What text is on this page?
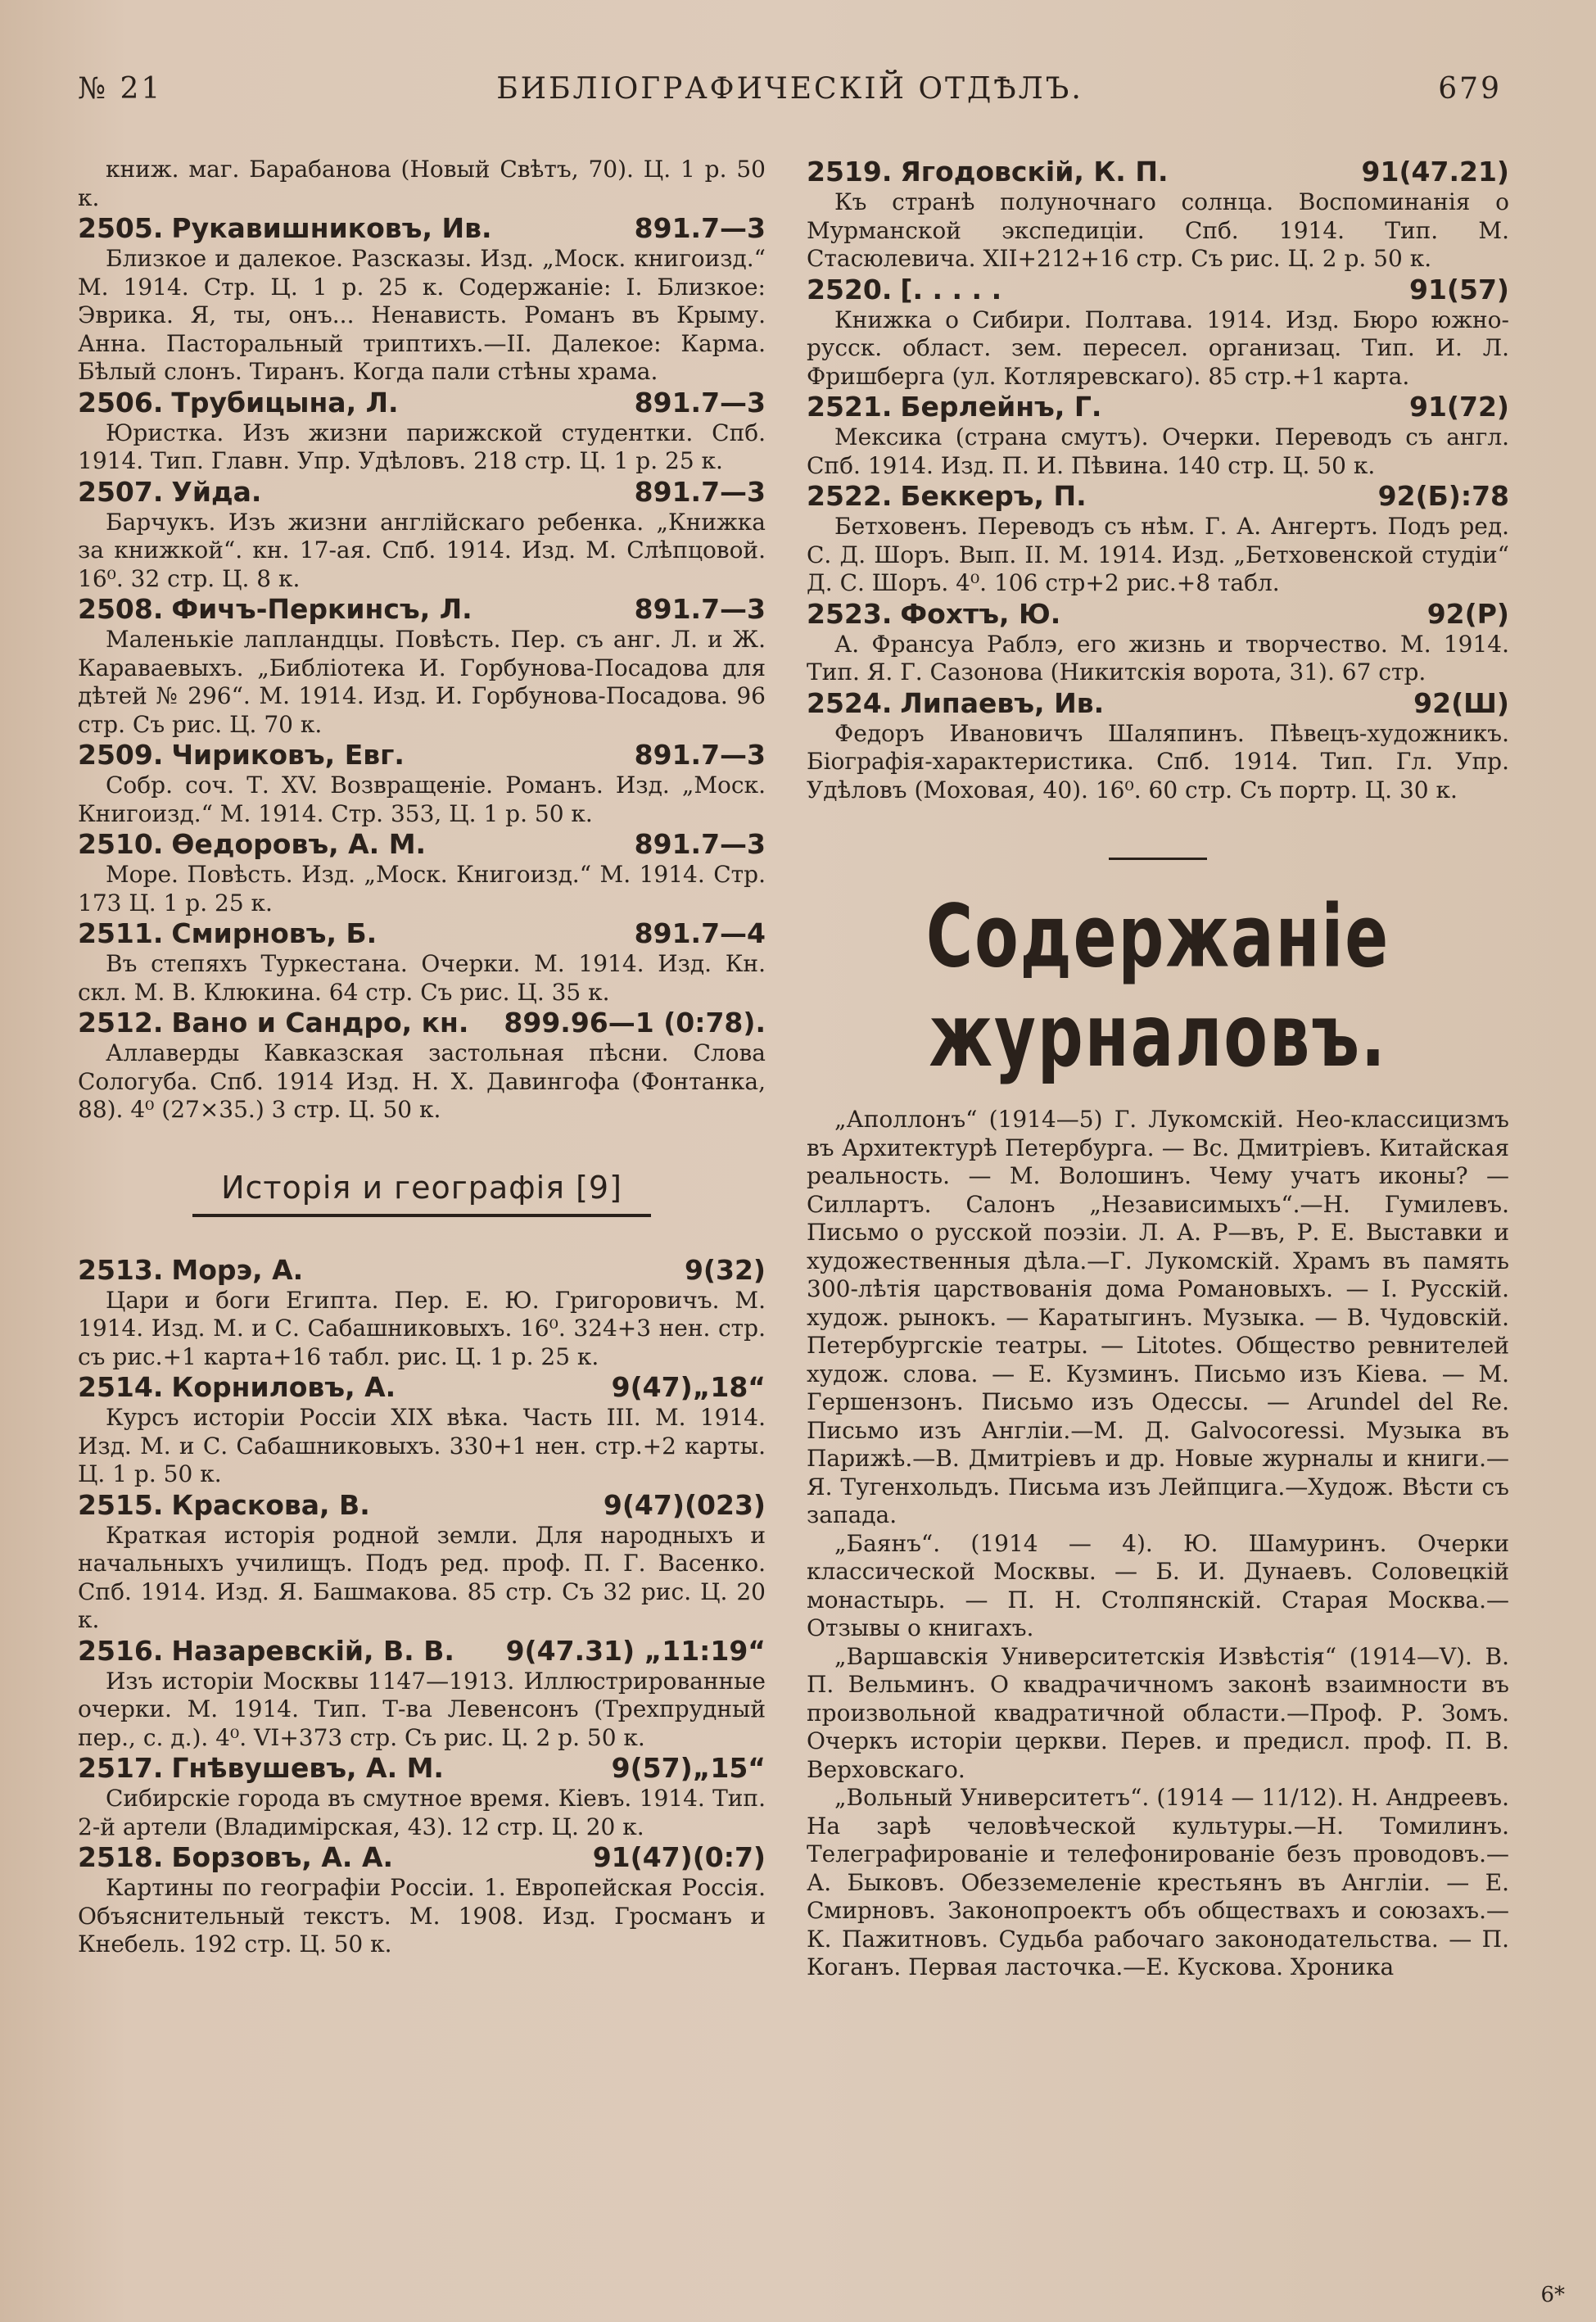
№ 21	БИБЛІОГРАФИЧЕСКІЙ ОТДѢЛЪ.	679

книж. маг. Барабанова (Новый Свѣтъ, 70). Ц. 1 р. 50 к.

2505. Рукавишниковъ, Ив.	891.7—3

Близкое и далекое. Разсказы. Изд. „Моск. книгоизд.“ М. 1914. Стр. Ц. 1 р. 25 к. Содержаніе: I. Близкое: Эврика. Я, ты, онъ... Ненависть. Романъ въ Крыму. Анна. Пасторальный триптихъ.—II. Далекое: Карма. Бѣлый слонъ. Тиранъ. Когда пали стѣны храма.

2506. Трубицына, Л.	891.7—3

Юристка. Изъ жизни парижской студентки. Спб. 1914. Тип. Главн. Упр. Удѣловъ. 218 стр. Ц. 1 р. 25 к.

2507. Уйда.	891.7—3

Барчукъ. Изъ жизни англійскаго ребенка. „Книжка за книжкой“. кн. 17-ая. Спб. 1914. Изд. М. Слѣпцовой. 16⁰. 32 стр. Ц. 8 к.

2508. Фичъ-Перкинсъ, Л.	891.7—3

Маленькіе лапландцы. Повѣсть. Пер. съ анг. Л. и Ж. Караваевыхъ. „Библіотека И. Горбунова-Посадова для дѣтей № 296“. М. 1914. Изд. И. Горбунова-Посадова. 96 стр. Съ рис. Ц. 70 к.

2509. Чириковъ, Евг.	891.7—3

Собр. соч. Т. XV. Возвращеніе. Романъ. Изд. „Моск. Книгоизд.“ М. 1914. Стр. 353, Ц. 1 р. 50 к.

2510. Ѳедоровъ, А. М.	891.7—3

Море. Повѣсть. Изд. „Моск. Книгоизд.“ М. 1914. Стр. 173 Ц. 1 р. 25 к.

2511. Смирновъ, Б.	891.7—4

Въ степяхъ Туркестана. Очерки. М. 1914. Изд. Кн. скл. М. В. Клюкина. 64 стр. Съ рис. Ц. 35 к.

2512. Вано и Сандро, кн. 899.96—1 (0:78).

Аллаверды Кавказская застольная пѣсни. Слова Сологуба. Спб. 1914 Изд. Н. Х. Давингофа (Фонтанка, 88). 4⁰ (27×35.) 3 стр. Ц. 50 к.

Исторія и географія [9]
2513. Морэ, А.	9(32)

Цари и боги Египта. Пер. Е. Ю. Григоровичъ. М. 1914. Изд. М. и С. Сабашниковыхъ. 16⁰. 324+3 нен. стр. съ рис.+1 карта+16 табл. рис. Ц. 1 р. 25 к.

2514. Корниловъ, А.	9(47)„18“

Курсъ исторіи Россіи XIX вѣка. Часть III. М. 1914. Изд. М. и С. Сабашниковыхъ. 330+1 нен. стр.+2 карты. Ц. 1 р. 50 к.

2515. Краскова, В.	9(47)(023)

Краткая исторія родной земли. Для народныхъ и начальныхъ училищъ. Подъ ред. проф. П. Г. Васенко. Спб. 1914. Изд. Я. Башмакова. 85 стр. Съ 32 рис. Ц. 20 к.

2516. Назаревскій, В. В. 9(47.31) „11:19“

Изъ исторіи Москвы 1147—1913. Иллюстрированные очерки. М. 1914. Тип. Т-ва Левенсонъ (Трехпрудный пер., с. д.). 4⁰. VI+373 стр. Съ рис. Ц. 2 р. 50 к.

2517. Гнѣвушевъ, А. М.	9(57)„15“

Сибирскіе города въ смутное время. Кіевъ. 1914. Тип. 2-й артели (Владимірская, 43). 12 стр. Ц. 20 к.

2518. Борзовъ, А. А.	91(47)(0:7)

Картины по географіи Россіи. 1. Европейская Россія. Объяснительный текстъ. М. 1908. Изд. Гросманъ и Кнебель. 192 стр. Ц. 50 к.

2519. Ягодовскій, К. П.	91(47.21)

Къ странѣ полуночнаго солнца. Воспоминанія о Мурманской экспедиціи. Спб. 1914. Тип. М. Стасюлевича. XII+212+16 стр. Съ рис. Ц. 2 р. 50 к.

2520. [. . . . .	91(57)

Книжка о Сибири. Полтава. 1914. Изд. Бюро южно-русск. област. зем. пересел. организац. Тип. И. Л. Фришберга (ул. Котляревскаго). 85 стр.+1 карта.

2521. Берлейнъ, Г.	91(72)

Мексика (страна смутъ). Очерки. Переводъ съ англ. Спб. 1914. Изд. П. И. Пѣвина. 140 стр. Ц. 50 к.

2522. Беккеръ, П.	92(Б):78

Бетховенъ. Переводъ съ нѣм. Г. А. Ангертъ. Подъ ред. С. Д. Шоръ. Вып. II. М. 1914. Изд. „Бетховенской студіи“ Д. С. Шоръ. 4⁰. 106 стр+2 рис.+8 табл.

2523. Фохтъ, Ю.	92(Р)

А. Франсуа Раблэ, его жизнь и творчество. М. 1914. Тип. Я. Г. Сазонова (Никитскія ворота, 31). 67 стр.

2524. Липаевъ, Ив.	92(Ш)

Федоръ Ивановичъ Шаляпинъ. Пѣвецъ-художникъ. Біографія-характеристика. Спб. 1914. Тип. Гл. Упр. Удѣловъ (Моховая, 40). 16⁰. 60 стр. Съ портр. Ц. 30 к.

Содержаніе журналовъ.

„Аполлонъ“ (1914—5) Г. Лукомскій. Нео-классицизмъ въ Архитектурѣ Петербурга. — Вс. Дмитріевъ. Китайская реальность. — М. Волошинъ. Чему учатъ иконы? — Силлартъ. Салонъ „Независимыхъ“.—Н. Гумилевъ. Письмо о русской поэзіи. Л. А. Р—въ, Р. Е. Выставки и художественныя дѣла.—Г. Лукомскій. Храмъ въ память 300-лѣтія царствованія дома Романовыхъ. — I. Русскій. худож. рынокъ. — Каратыгинъ. Музыка. — В. Чудовскій. Петербургскіе театры. — Litotes. Общество ревнителей худож. слова. — Е. Кузминъ. Письмо изъ Кіева. — М. Гершензонъ. Письмо изъ Одессы. — Arundel del Re. Письмо изъ Англіи.—М. Д. Galvocoressi. Музыка въ Парижѣ.—В. Дмитріевъ и др. Новые журналы и книги.—Я. Тугенхольдъ. Письма изъ Лейпцига.—Худож. Вѣсти съ запада.

„Баянъ“. (1914 — 4). Ю. Шамуринъ. Очерки классической Москвы. — Б. И. Дунаевъ. Соловецкій монастырь. — П. Н. Столпянскій. Старая Москва.—Отзывы о книгахъ.

„Варшавскія Университетскія Извѣстія“ (1914—V). В. П. Вельминъ. О квадрачичномъ законѣ взаимности въ произвольной квадратичной области.—Проф. Р. Зомъ. Очеркъ исторіи церкви. Перев. и предисл. проф. П. В. Верховскаго.

„Вольный Университетъ“. (1914 — 11/12). Н. Андреевъ. На зарѣ человѣческой культуры.—Н. Томилинъ. Телеграфированіе и телефонированіе безъ проводовъ.— А. Быковъ. Обезземеленіе крестьянъ въ Англіи. — Е. Смирновъ. Законопроектъ объ обществахъ и союзахъ.—К. Пажитновъ. Судьба рабочаго законодательства. — П. Коганъ. Первая ласточка.—Е. Кускова. Хроника

6*
